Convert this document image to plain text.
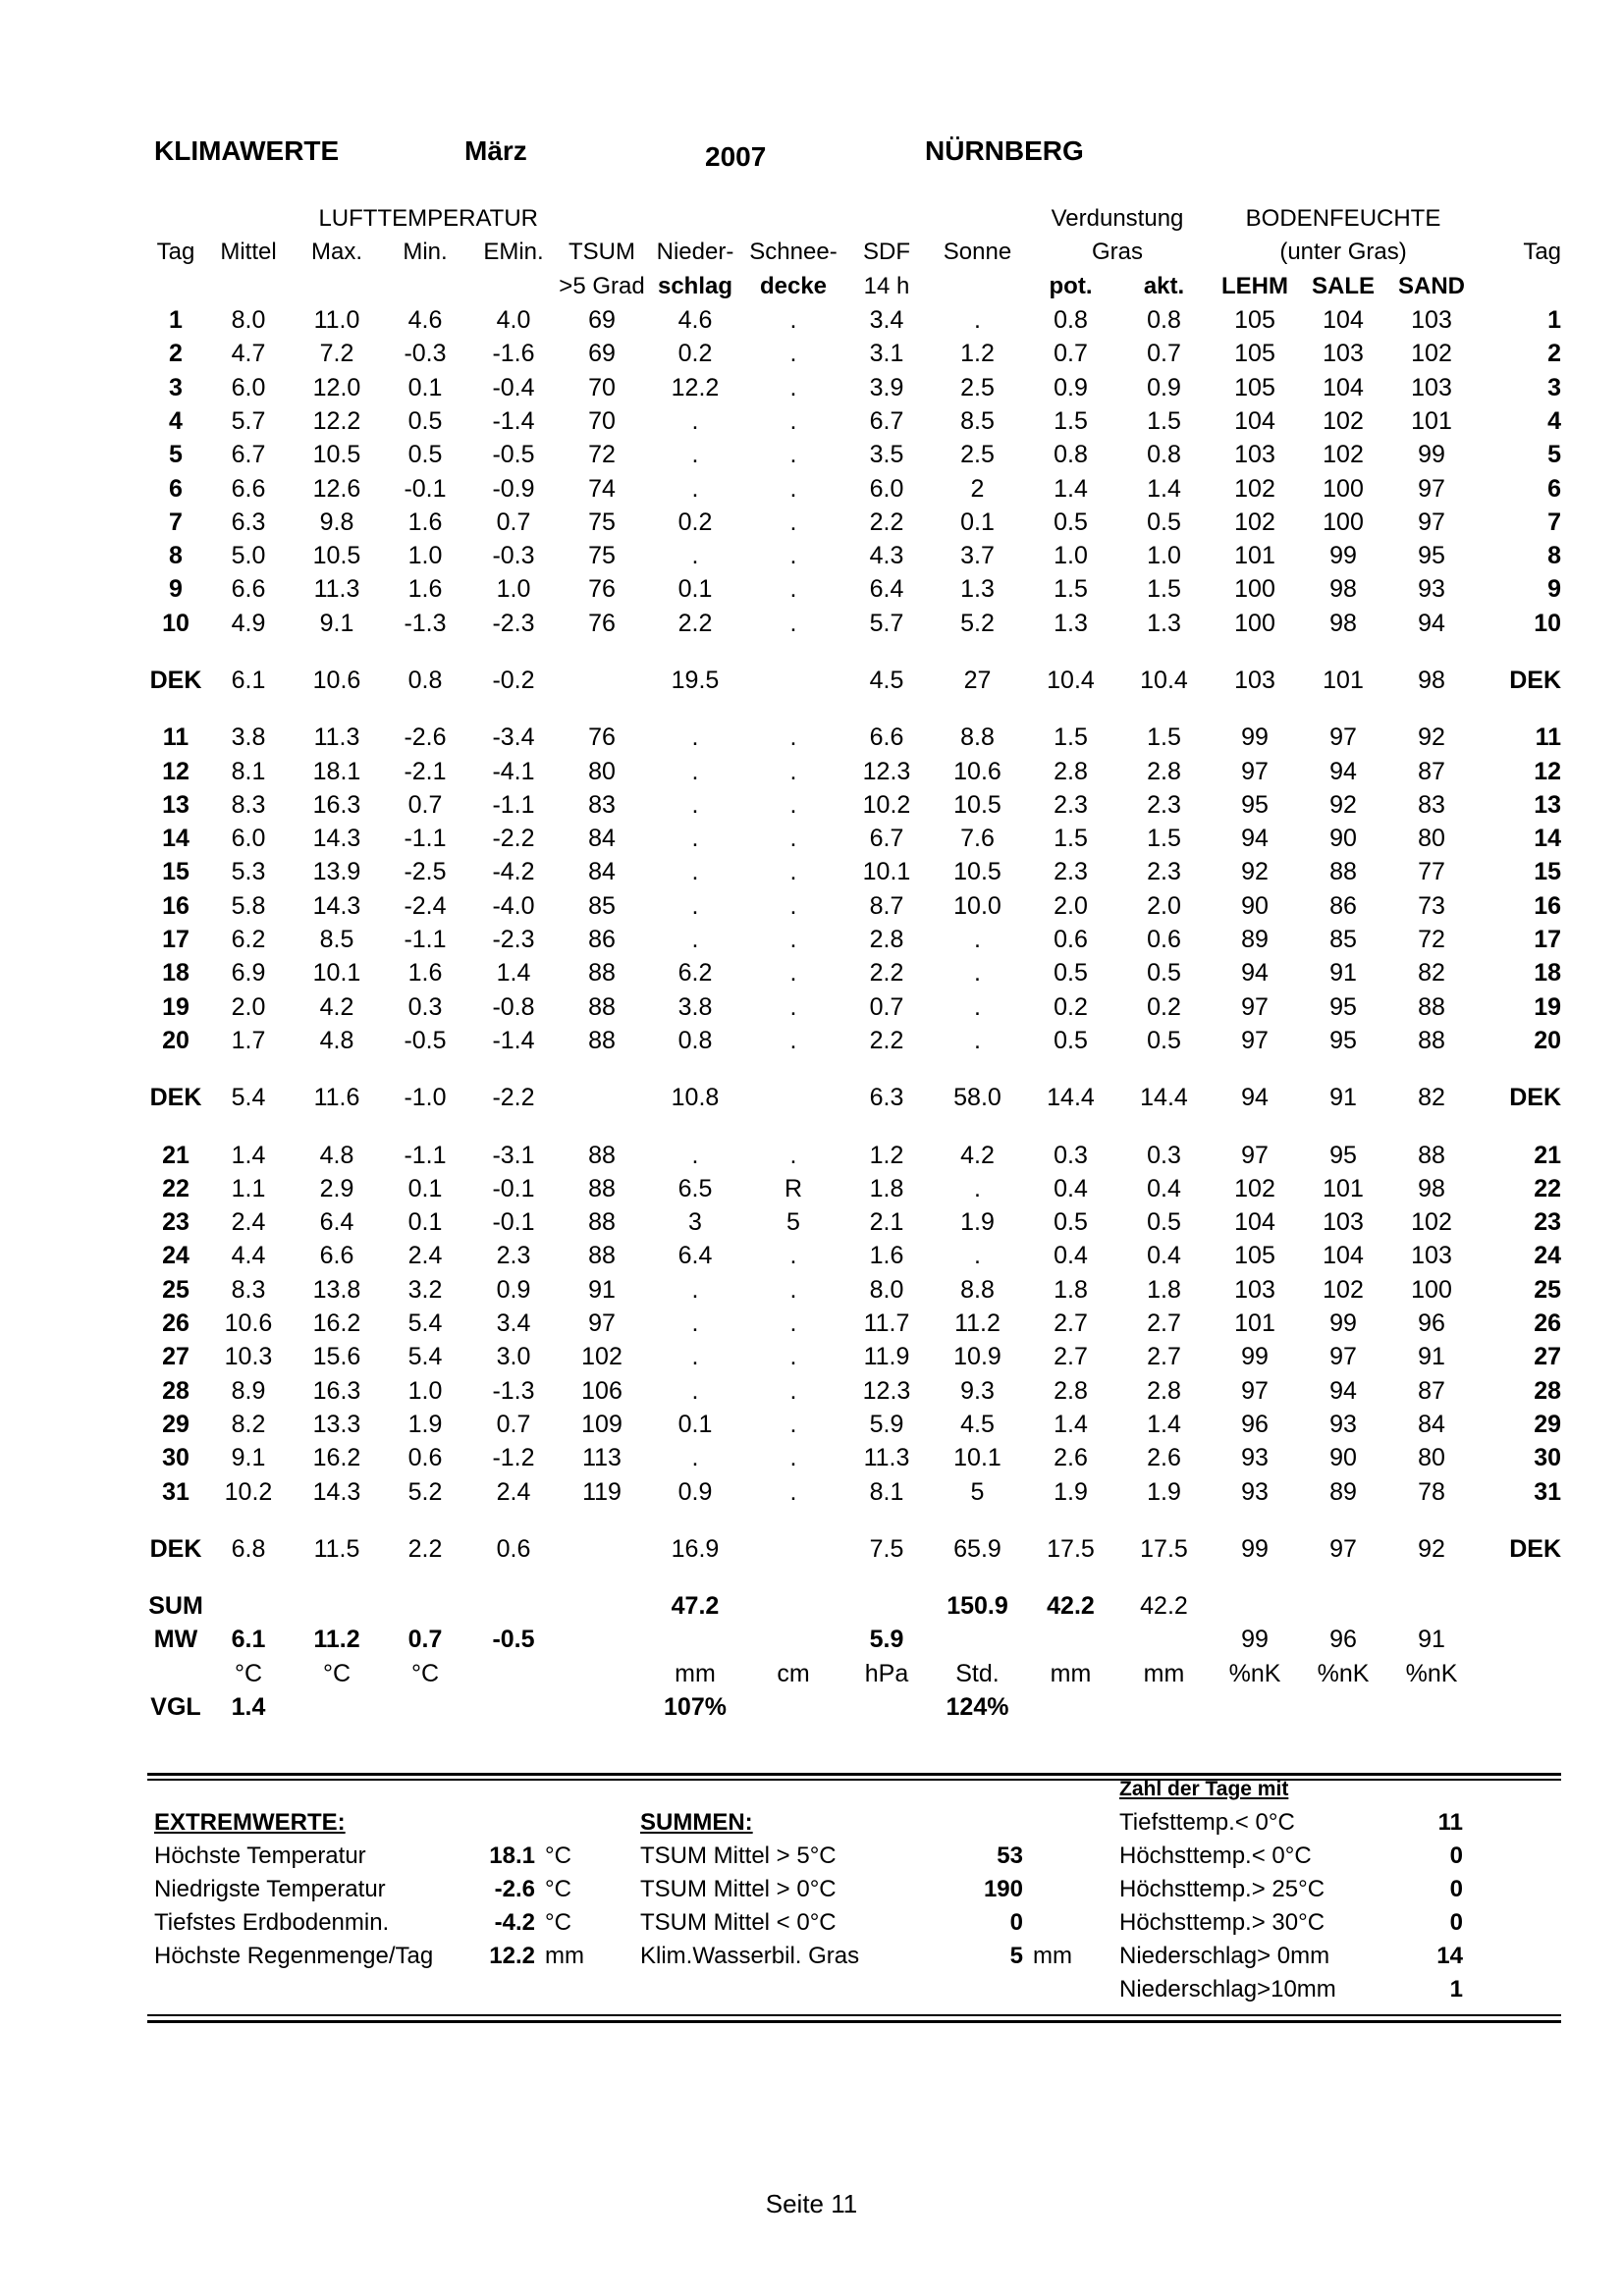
KLIMAWERTE	März	2007	NÜRNBERG
	LUFTTEMPERATUR									Verdunstung		BODENFEUCHTE			
Tag	Mittel	Max.	Min.	EMin.	TSUM	Nieder-	Schnee-	SDF	Sonne	Gras		(unter Gras)			Tag
					>5 Grad	schlag	decke	14 h		pot.	akt.	LEHM	SALE	SAND	
1	8.0	11.0	4.6	4.0	69	4.6	.	3.4	.	0.8	0.8	105	104	103	1
2	4.7	7.2	-0.3	-1.6	69	0.2	.	3.1	1.2	0.7	0.7	105	103	102	2
3	6.0	12.0	0.1	-0.4	70	12.2	.	3.9	2.5	0.9	0.9	105	104	103	3
4	5.7	12.2	0.5	-1.4	70	.	.	6.7	8.5	1.5	1.5	104	102	101	4
5	6.7	10.5	0.5	-0.5	72	.	.	3.5	2.5	0.8	0.8	103	102	99	5
6	6.6	12.6	-0.1	-0.9	74	.	.	6.0	2	1.4	1.4	102	100	97	6
7	6.3	9.8	1.6	0.7	75	0.2	.	2.2	0.1	0.5	0.5	102	100	97	7
8	5.0	10.5	1.0	-0.3	75	.	.	4.3	3.7	1.0	1.0	101	99	95	8
9	6.6	11.3	1.6	1.0	76	0.1	.	6.4	1.3	1.5	1.5	100	98	93	9
10	4.9	9.1	-1.3	-2.3	76	2.2	.	5.7	5.2	1.3	1.3	100	98	94	10

DEK	6.1	10.6	0.8	-0.2		19.5		4.5	27	10.4	10.4	103	101	98	DEK

11	3.8	11.3	-2.6	-3.4	76	.	.	6.6	8.8	1.5	1.5	99	97	92	11
12	8.1	18.1	-2.1	-4.1	80	.	.	12.3	10.6	2.8	2.8	97	94	87	12
13	8.3	16.3	0.7	-1.1	83	.	.	10.2	10.5	2.3	2.3	95	92	83	13
14	6.0	14.3	-1.1	-2.2	84	.	.	6.7	7.6	1.5	1.5	94	90	80	14
15	5.3	13.9	-2.5	-4.2	84	.	.	10.1	10.5	2.3	2.3	92	88	77	15
16	5.8	14.3	-2.4	-4.0	85	.	.	8.7	10.0	2.0	2.0	90	86	73	16
17	6.2	8.5	-1.1	-2.3	86	.	.	2.8	.	0.6	0.6	89	85	72	17
18	6.9	10.1	1.6	1.4	88	6.2	.	2.2	.	0.5	0.5	94	91	82	18
19	2.0	4.2	0.3	-0.8	88	3.8	.	0.7	.	0.2	0.2	97	95	88	19
20	1.7	4.8	-0.5	-1.4	88	0.8	.	2.2	.	0.5	0.5	97	95	88	20

DEK	5.4	11.6	-1.0	-2.2		10.8		6.3	58.0	14.4	14.4	94	91	82	DEK

21	1.4	4.8	-1.1	-3.1	88	.	.	1.2	4.2	0.3	0.3	97	95	88	21
22	1.1	2.9	0.1	-0.1	88	6.5	R	1.8	.	0.4	0.4	102	101	98	22
23	2.4	6.4	0.1	-0.1	88	3	5	2.1	1.9	0.5	0.5	104	103	102	23
24	4.4	6.6	2.4	2.3	88	6.4	.	1.6	.	0.4	0.4	105	104	103	24
25	8.3	13.8	3.2	0.9	91	.	.	8.0	8.8	1.8	1.8	103	102	100	25
26	10.6	16.2	5.4	3.4	97	.	.	11.7	11.2	2.7	2.7	101	99	96	26
27	10.3	15.6	5.4	3.0	102	.	.	11.9	10.9	2.7	2.7	99	97	91	27
28	8.9	16.3	1.0	-1.3	106	.	.	12.3	9.3	2.8	2.8	97	94	87	28
29	8.2	13.3	1.9	0.7	109	0.1	.	5.9	4.5	1.4	1.4	96	93	84	29
30	9.1	16.2	0.6	-1.2	113	.	.	11.3	10.1	2.6	2.6	93	90	80	30
31	10.2	14.3	5.2	2.4	119	0.9	.	8.1	5	1.9	1.9	93	89	78	31

DEK	6.8	11.5	2.2	0.6		16.9		7.5	65.9	17.5	17.5	99	97	92	DEK

SUM						47.2			150.9	42.2	42.2				
MW	6.1	11.2	0.7	-0.5				5.9				99	96	91	
	°C	°C	°C			mm	cm	hPa	Std.	mm	mm	%nK	%nK	%nK	
VGL	1.4					107%			124%						
EXTREMWERTE:
Höchste Temperatur	18.1 °C
Niedrigste Temperatur	-2.6 °C
Tiefstes Erdbodenmin.	-4.2 °C
Höchste Regenmenge/Tag	12.2 mm
SUMMEN:
TSUM Mittel > 5°C	53
TSUM Mittel > 0°C	190
TSUM Mittel < 0°C	0
Klim.Wasserbil. Gras	5 mm
Zahl der Tage mit
Tiefsttemp.< 0°C	11
Höchsttemp.< 0°C	0
Höchsttemp.> 25°C	0
Höchsttemp.> 30°C	0
Niederschlag> 0mm	14
Niederschlag>10mm	1
Seite 11
